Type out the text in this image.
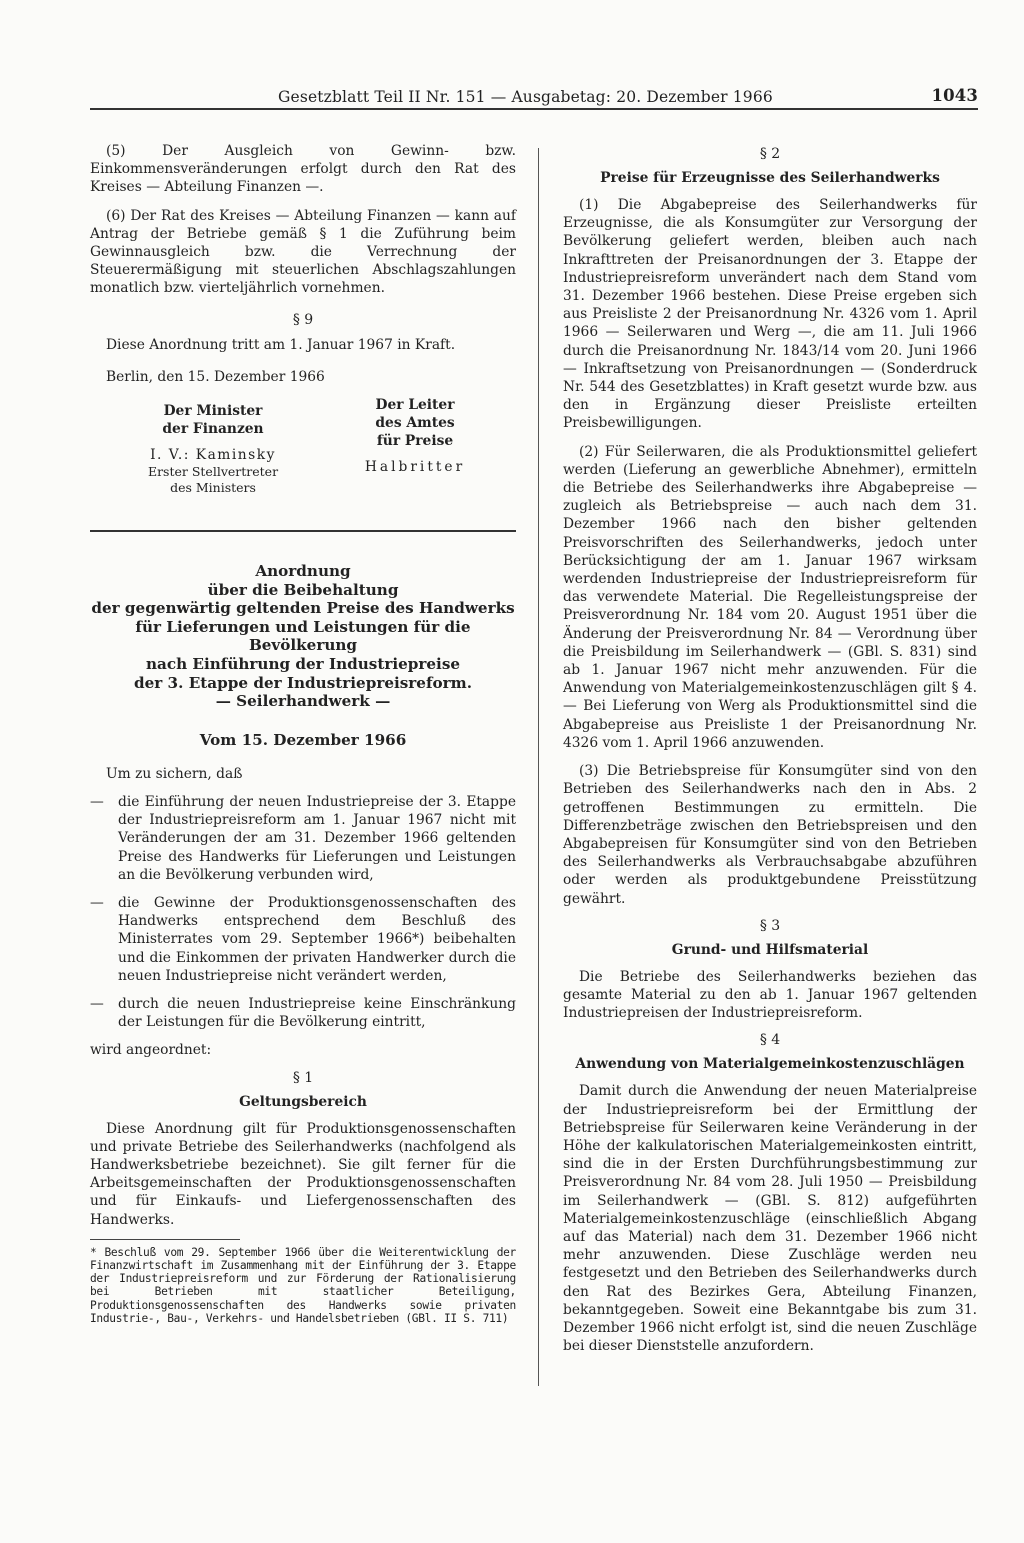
Gesetzblatt Teil II Nr. 151 — Ausgabetag: 20. Dezember 1966	1043

(5) Der Ausgleich von Gewinn- bzw. Einkommensveränderungen erfolgt durch den Rat des Kreises — Abteilung Finanzen —.

(6) Der Rat des Kreises — Abteilung Finanzen — kann auf Antrag der Betriebe gemäß § 1 die Zuführung beim Gewinnausgleich bzw. die Verrechnung der Steuerermäßigung mit steuerlichen Abschlagszahlungen monatlich bzw. vierteljährlich vornehmen.

§ 9

Diese Anordnung tritt am 1. Januar 1967 in Kraft.

Berlin, den 15. Dezember 1966

Der Minister
der Finanzen
I. V.: Kaminsky
Erster Stellvertreter
des Ministers
Der Leiter
des Amtes
für Preise
Halbritter
Anordnung
über die Beibehaltung
der gegenwärtig geltenden Preise des Handwerks
für Lieferungen und Leistungen für die Bevölkerung
nach Einführung der Industriepreise
der 3. Etappe der Industriepreisreform.
— Seilerhandwerk —
Vom 15. Dezember 1966

Um zu sichern, daß

— die Einführung der neuen Industriepreise der 3. Etappe der Industriepreisreform am 1. Januar 1967 nicht mit Veränderungen der am 31. Dezember 1966 geltenden Preise des Handwerks für Lieferungen und Leistungen an die Bevölkerung verbunden wird,
— die Gewinne der Produktionsgenossenschaften des Handwerks entsprechend dem Beschluß des Ministerrates vom 29. September 1966*) beibehalten und die Einkommen der privaten Handwerker durch die neuen Industriepreise nicht verändert werden,
— durch die neuen Industriepreise keine Einschränkung der Leistungen für die Bevölkerung eintritt,

wird angeordnet:

§ 1
Geltungsbereich

Diese Anordnung gilt für Produktionsgenossenschaften und private Betriebe des Seilerhandwerks (nachfolgend als Handwerksbetriebe bezeichnet). Sie gilt ferner für die Arbeitsgemeinschaften der Produktionsgenossenschaften und für Einkaufs- und Liefergenossenschaften des Handwerks.

* Beschluß vom 29. September 1966 über die Weiterentwicklung der Finanzwirtschaft im Zusammenhang mit der Einführung der 3. Etappe der Industriepreisreform und zur Förderung der Rationalisierung bei Betrieben mit staatlicher Beteiligung, Produktionsgenossenschaften des Handwerks sowie privaten Industrie-, Bau-, Verkehrs- und Handelsbetrieben (GBl. II S. 711)

§ 2
Preise für Erzeugnisse des Seilerhandwerks

(1) Die Abgabepreise des Seilerhandwerks für Erzeugnisse, die als Konsumgüter zur Versorgung der Bevölkerung geliefert werden, bleiben auch nach Inkrafttreten der Preisanordnungen der 3. Etappe der Industriepreisreform unverändert nach dem Stand vom 31. Dezember 1966 bestehen. Diese Preise ergeben sich aus Preisliste 2 der Preisanordnung Nr. 4326 vom 1. April 1966 — Seilerwaren und Werg —, die am 11. Juli 1966 durch die Preisanordnung Nr. 1843/14 vom 20. Juni 1966 — Inkraftsetzung von Preisanordnungen — (Sonderdruck Nr. 544 des Gesetzblattes) in Kraft gesetzt wurde bzw. aus den in Ergänzung dieser Preisliste erteilten Preisbewilligungen.

(2) Für Seilerwaren, die als Produktionsmittel geliefert werden (Lieferung an gewerbliche Abnehmer), ermitteln die Betriebe des Seilerhandwerks ihre Abgabepreise — zugleich als Betriebspreise — auch nach dem 31. Dezember 1966 nach den bisher geltenden Preisvorschriften des Seilerhandwerks, jedoch unter Berücksichtigung der am 1. Januar 1967 wirksam werdenden Industriepreise der Industriepreisreform für das verwendete Material. Die Regelleistungspreise der Preisverordnung Nr. 184 vom 20. August 1951 über die Änderung der Preisverordnung Nr. 84 — Verordnung über die Preisbildung im Seilerhandwerk — (GBl. S. 831) sind ab 1. Januar 1967 nicht mehr anzuwenden. Für die Anwendung von Materialgemeinkostenzuschlägen gilt § 4. — Bei Lieferung von Werg als Produktionsmittel sind die Abgabepreise aus Preisliste 1 der Preisanordnung Nr. 4326 vom 1. April 1966 anzuwenden.

(3) Die Betriebspreise für Konsumgüter sind von den Betrieben des Seilerhandwerks nach den in Abs. 2 getroffenen Bestimmungen zu ermitteln. Die Differenzbeträge zwischen den Betriebspreisen und den Abgabepreisen für Konsumgüter sind von den Betrieben des Seilerhandwerks als Verbrauchsabgabe abzuführen oder werden als produktgebundene Preisstützung gewährt.

§ 3
Grund- und Hilfsmaterial

Die Betriebe des Seilerhandwerks beziehen das gesamte Material zu den ab 1. Januar 1967 geltenden Industriepreisen der Industriepreisreform.

§ 4
Anwendung von Materialgemeinkostenzuschlägen

Damit durch die Anwendung der neuen Materialpreise der Industriepreisreform bei der Ermittlung der Betriebspreise für Seilerwaren keine Veränderung in der Höhe der kalkulatorischen Materialgemeinkosten eintritt, sind die in der Ersten Durchführungsbestimmung zur Preisverordnung Nr. 84 vom 28. Juli 1950 — Preisbildung im Seilerhandwerk — (GBl. S. 812) aufgeführten Materialgemeinkostenzuschläge (einschließlich Abgang auf das Material) nach dem 31. Dezember 1966 nicht mehr anzuwenden. Diese Zuschläge werden neu festgesetzt und den Betrieben des Seilerhandwerks durch den Rat des Bezirkes Gera, Abteilung Finanzen, bekanntgegeben. Soweit eine Bekanntgabe bis zum 31. Dezember 1966 nicht erfolgt ist, sind die neuen Zuschläge bei dieser Dienststelle anzufordern.
